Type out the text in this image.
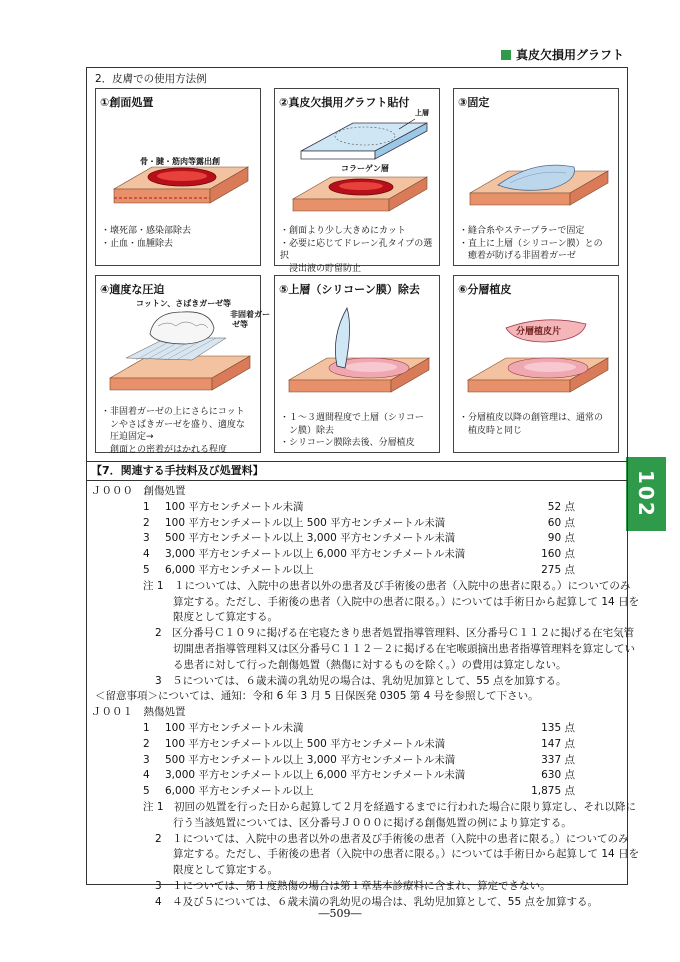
真皮欠損用グラフト
102
2．皮膚での使用方法例
①創面処置
骨・腱・筋肉等露出創
・壊死部・感染部除去
・止血・血腫除去
②真皮欠損用グラフト貼付
上層
コラーゲン層
・創面より少し大きめにカット
・必要に応じてドレーン孔タイプの選択
　浸出液の貯留防止
③固定
・縫合糸やステープラーで固定
・直上に上層（シリコーン膜）との
　癒着が防げる非固着ガーゼ
④適度な圧迫
コットン、さばきガーゼ等
非固着ガー
ゼ等
・非固着ガーゼの上にさらにコット
　ンやさばきガーゼを盛り、適度な
　圧迫固定→
　創面との密着がはかれる程度
⑤上層（シリコーン膜）除去
・１～３週間程度で上層（シリコー
　ン膜）除去
・シリコーン膜除去後、分層植皮
⑥分層植皮
分層植皮片
・分層植皮以降の創管理は、通常の
　植皮時と同じ
【7．関連する手技料及び処置料】
Ｊ０００　創傷処置
1 100 平方センチメートル未満	52 点
2 100 平方センチメートル以上 500 平方センチメートル未満	60 点
3 500 平方センチメートル以上 3,000 平方センチメートル未満	90 点
4 3,000 平方センチメートル以上 6,000 平方センチメートル未満	160 点
5 6,000 平方センチメートル以上	275 点
注 1　１については、入院中の患者以外の患者及び手術後の患者（入院中の患者に限る。）についてのみ
算定する。ただし、手術後の患者（入院中の患者に限る。）については手術日から起算して 14 日を
限度として算定する。
2　区分番号Ｃ１０９に掲げる在宅寝たきり患者処置指導管理料、区分番号Ｃ１１２に掲げる在宅気管
切開患者指導管理料又は区分番号Ｃ１１２－２に掲げる在宅喉頭摘出患者指導管理料を算定してい
る患者に対して行った創傷処置（熱傷に対するものを除く。）の費用は算定しない。
3　５については、６歳未満の乳幼児の場合は、乳幼児加算として、55 点を加算する。
＜留意事項＞については、通知：令和 6 年 3 月 5 日保医発 0305 第 4 号を参照して下さい。
Ｊ００１　熱傷処置
1 100 平方センチメートル未満	135 点
2 100 平方センチメートル以上 500 平方センチメートル未満	147 点
3 500 平方センチメートル以上 3,000 平方センチメートル未満	337 点
4 3,000 平方センチメートル以上 6,000 平方センチメートル未満	630 点
5 6,000 平方センチメートル以上	1,875 点
注 1　初回の処置を行った日から起算して２月を経過するまでに行われた場合に限り算定し、それ以降に
行う当該処置については、区分番号Ｊ０００に掲げる創傷処置の例により算定する。
2　１については、入院中の患者以外の患者及び手術後の患者（入院中の患者に限る。）についてのみ
算定する。ただし、手術後の患者（入院中の患者に限る。）については手術日から起算して 14 日を
限度として算定する。
3　１については、第１度熱傷の場合は第１章基本診療料に含まれ、算定できない。
4　４及び５については、６歳未満の乳幼児の場合は、乳幼児加算として、55 点を加算する。
―509―
